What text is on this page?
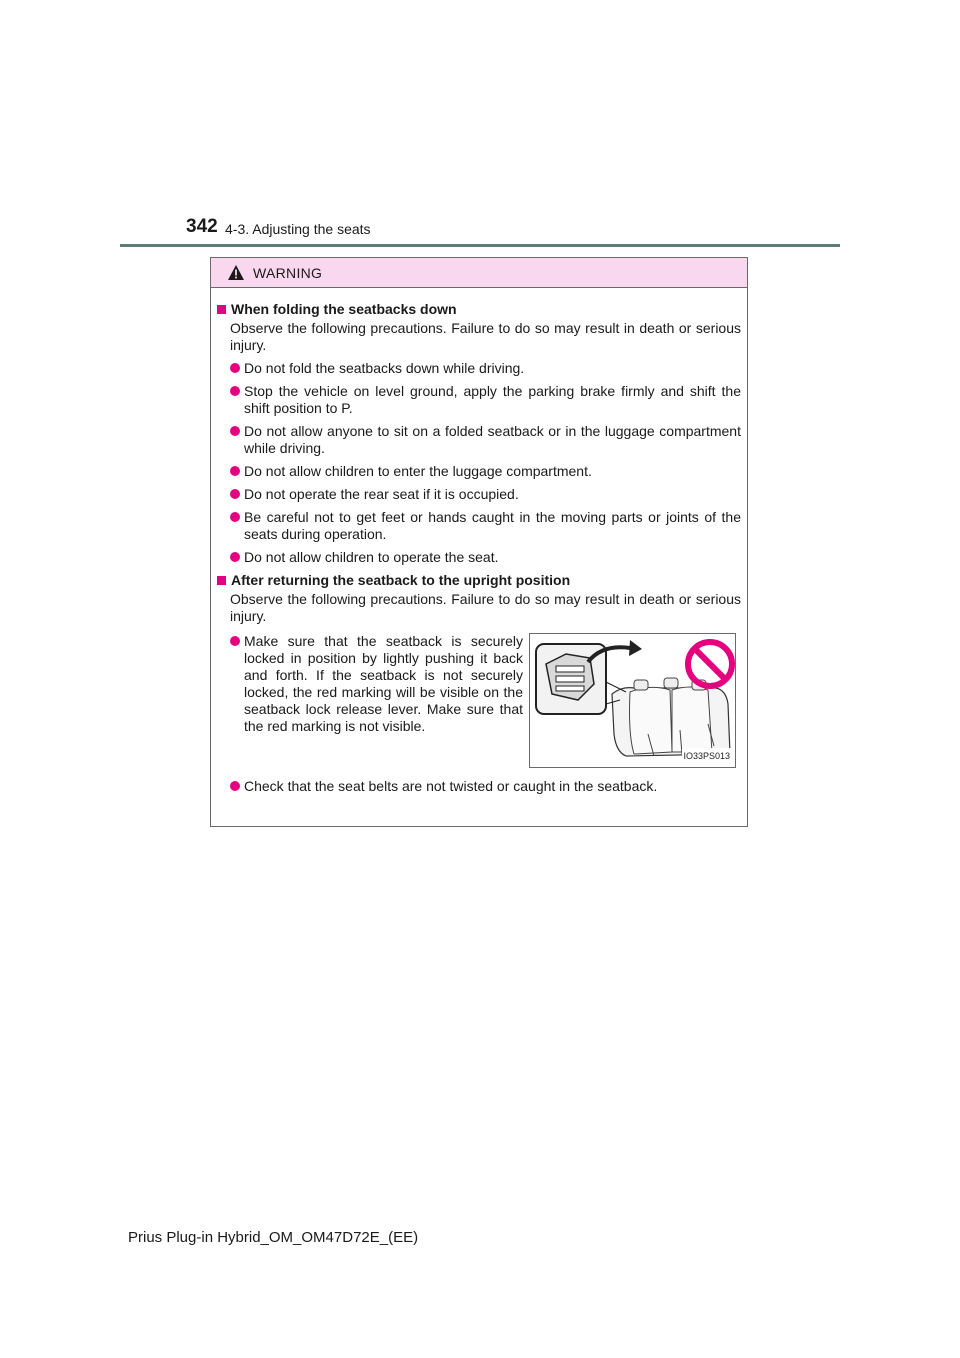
342 4-3. Adjusting the seats
WARNING
When folding the seatbacks down
Observe the following precautions. Failure to do so may result in death or serious injury.
Do not fold the seatbacks down while driving.
Stop the vehicle on level ground, apply the parking brake firmly and shift the shift position to P.
Do not allow anyone to sit on a folded seatback or in the luggage compartment while driving.
Do not allow children to enter the luggage compartment.
Do not operate the rear seat if it is occupied.
Be careful not to get feet or hands caught in the moving parts or joints of the seats during operation.
Do not allow children to operate the seat.
After returning the seatback to the upright position
Observe the following precautions. Failure to do so may result in death or serious injury.
Make sure that the seatback is securely locked in position by lightly pushing it back and forth. If the seatback is not securely locked, the red marking will be visible on the seatback lock release lever. Make sure that the red marking is not visible.
IO33PS013
Check that the seat belts are not twisted or caught in the seatback.
Prius Plug-in Hybrid_OM_OM47D72E_(EE)
